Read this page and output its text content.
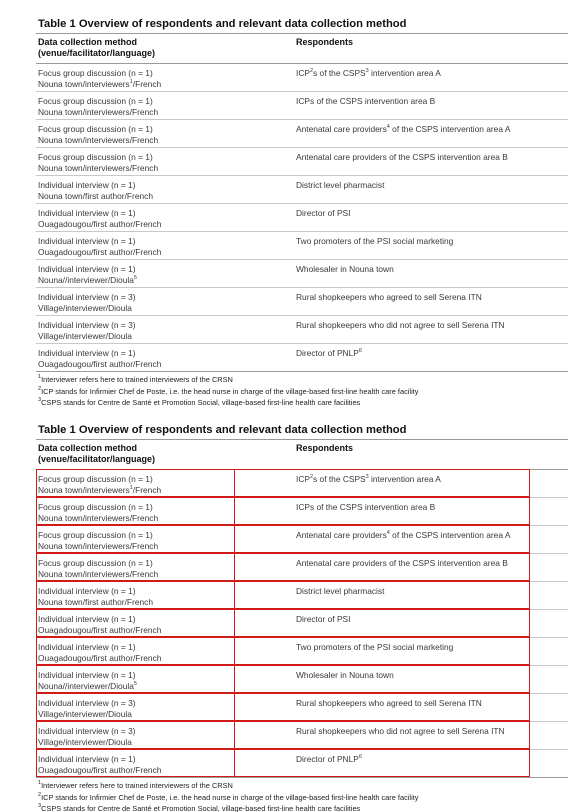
Table 1 Overview of respondents and relevant data collection method
Data collection method
(venue/facilitator/language)
Respondents
Focus group discussion (n = 1)
Nouna town/interviewers$^1$/French
ICP$^2$s of the CSPS$^3$ intervention area A
Focus group discussion (n = 1)
Nouna town/interviewers/French
ICPs of the CSPS intervention area B
Focus group discussion (n = 1)
Nouna town/interviewers/French
Antenatal care providers$^4$ of the CSPS intervention area A
Focus group discussion (n = 1)
Nouna town/interviewers/French
Antenatal care providers of the CSPS intervention area B
Individual interview (n = 1)
Nouna town/first author/French
District level pharmacist
Individual interview (n = 1)
Ouagadougou/first author/French
Director of PSI
Individual interview (n = 1)
Ouagadougou/first author/French
Two promoters of the PSI social marketing
Individual interview (n = 1)
Nouna//interviewer/Dioula$^5$
Wholesaler in Nouna town
Individual interview (n = 3)
Village/interviewer/Dioula
Rural shopkeepers who agreed to sell Serena ITN
Individual interview (n = 3)
Village/interviewer/Dioula
Rural shopkeepers who did not agree to sell Serena ITN
Individual interview (n = 1)
Ouagadougou/first author/French
Director of PNLP$^6$
$^1$Interviewer refers here to trained interviewers of the CRSN
$^2$ICP stands for Infirmier Chef de Poste, i.e. the head nurse in charge of the village-based first-line health care facility
$^3$CSPS stands for Centre de Santé et Promotion Social, village-based first-line health care facilities
Table 1 Overview of respondents and relevant data collection method
Data collection method
(venue/facilitator/language)
Respondents
Focus group discussion (n = 1)
Nouna town/interviewers$^1$/French
ICP$^2$s of the CSPS$^3$ intervention area A
Focus group discussion (n = 1)
Nouna town/interviewers/French
ICPs of the CSPS intervention area B
Focus group discussion (n = 1)
Nouna town/interviewers/French
Antenatal care providers$^4$ of the CSPS intervention area A
Focus group discussion (n = 1)
Nouna town/interviewers/French
Antenatal care providers of the CSPS intervention area B
Individual interview (n = 1)
Nouna town/first author/French
District level pharmacist
Individual interview (n = 1)
Ouagadougou/first author/French
Director of PSI
Individual interview (n = 1)
Ouagadougou/first author/French
Two promoters of the PSI social marketing
Individual interview (n = 1)
Nouna//interviewer/Dioula$^5$
Wholesaler in Nouna town
Individual interview (n = 3)
Village/interviewer/Dioula
Rural shopkeepers who agreed to sell Serena ITN
Individual interview (n = 3)
Village/interviewer/Dioula
Rural shopkeepers who did not agree to sell Serena ITN
Individual interview (n = 1)
Ouagadougou/first author/French
Director of PNLP$^6$
$^1$Interviewer refers here to trained interviewers of the CRSN
$^2$ICP stands for Infirmier Chef de Poste, i.e. the head nurse in charge of the village-based first-line health care facility
$^3$CSPS stands for Centre de Santé et Promotion Social, village-based first-line health care facilities
